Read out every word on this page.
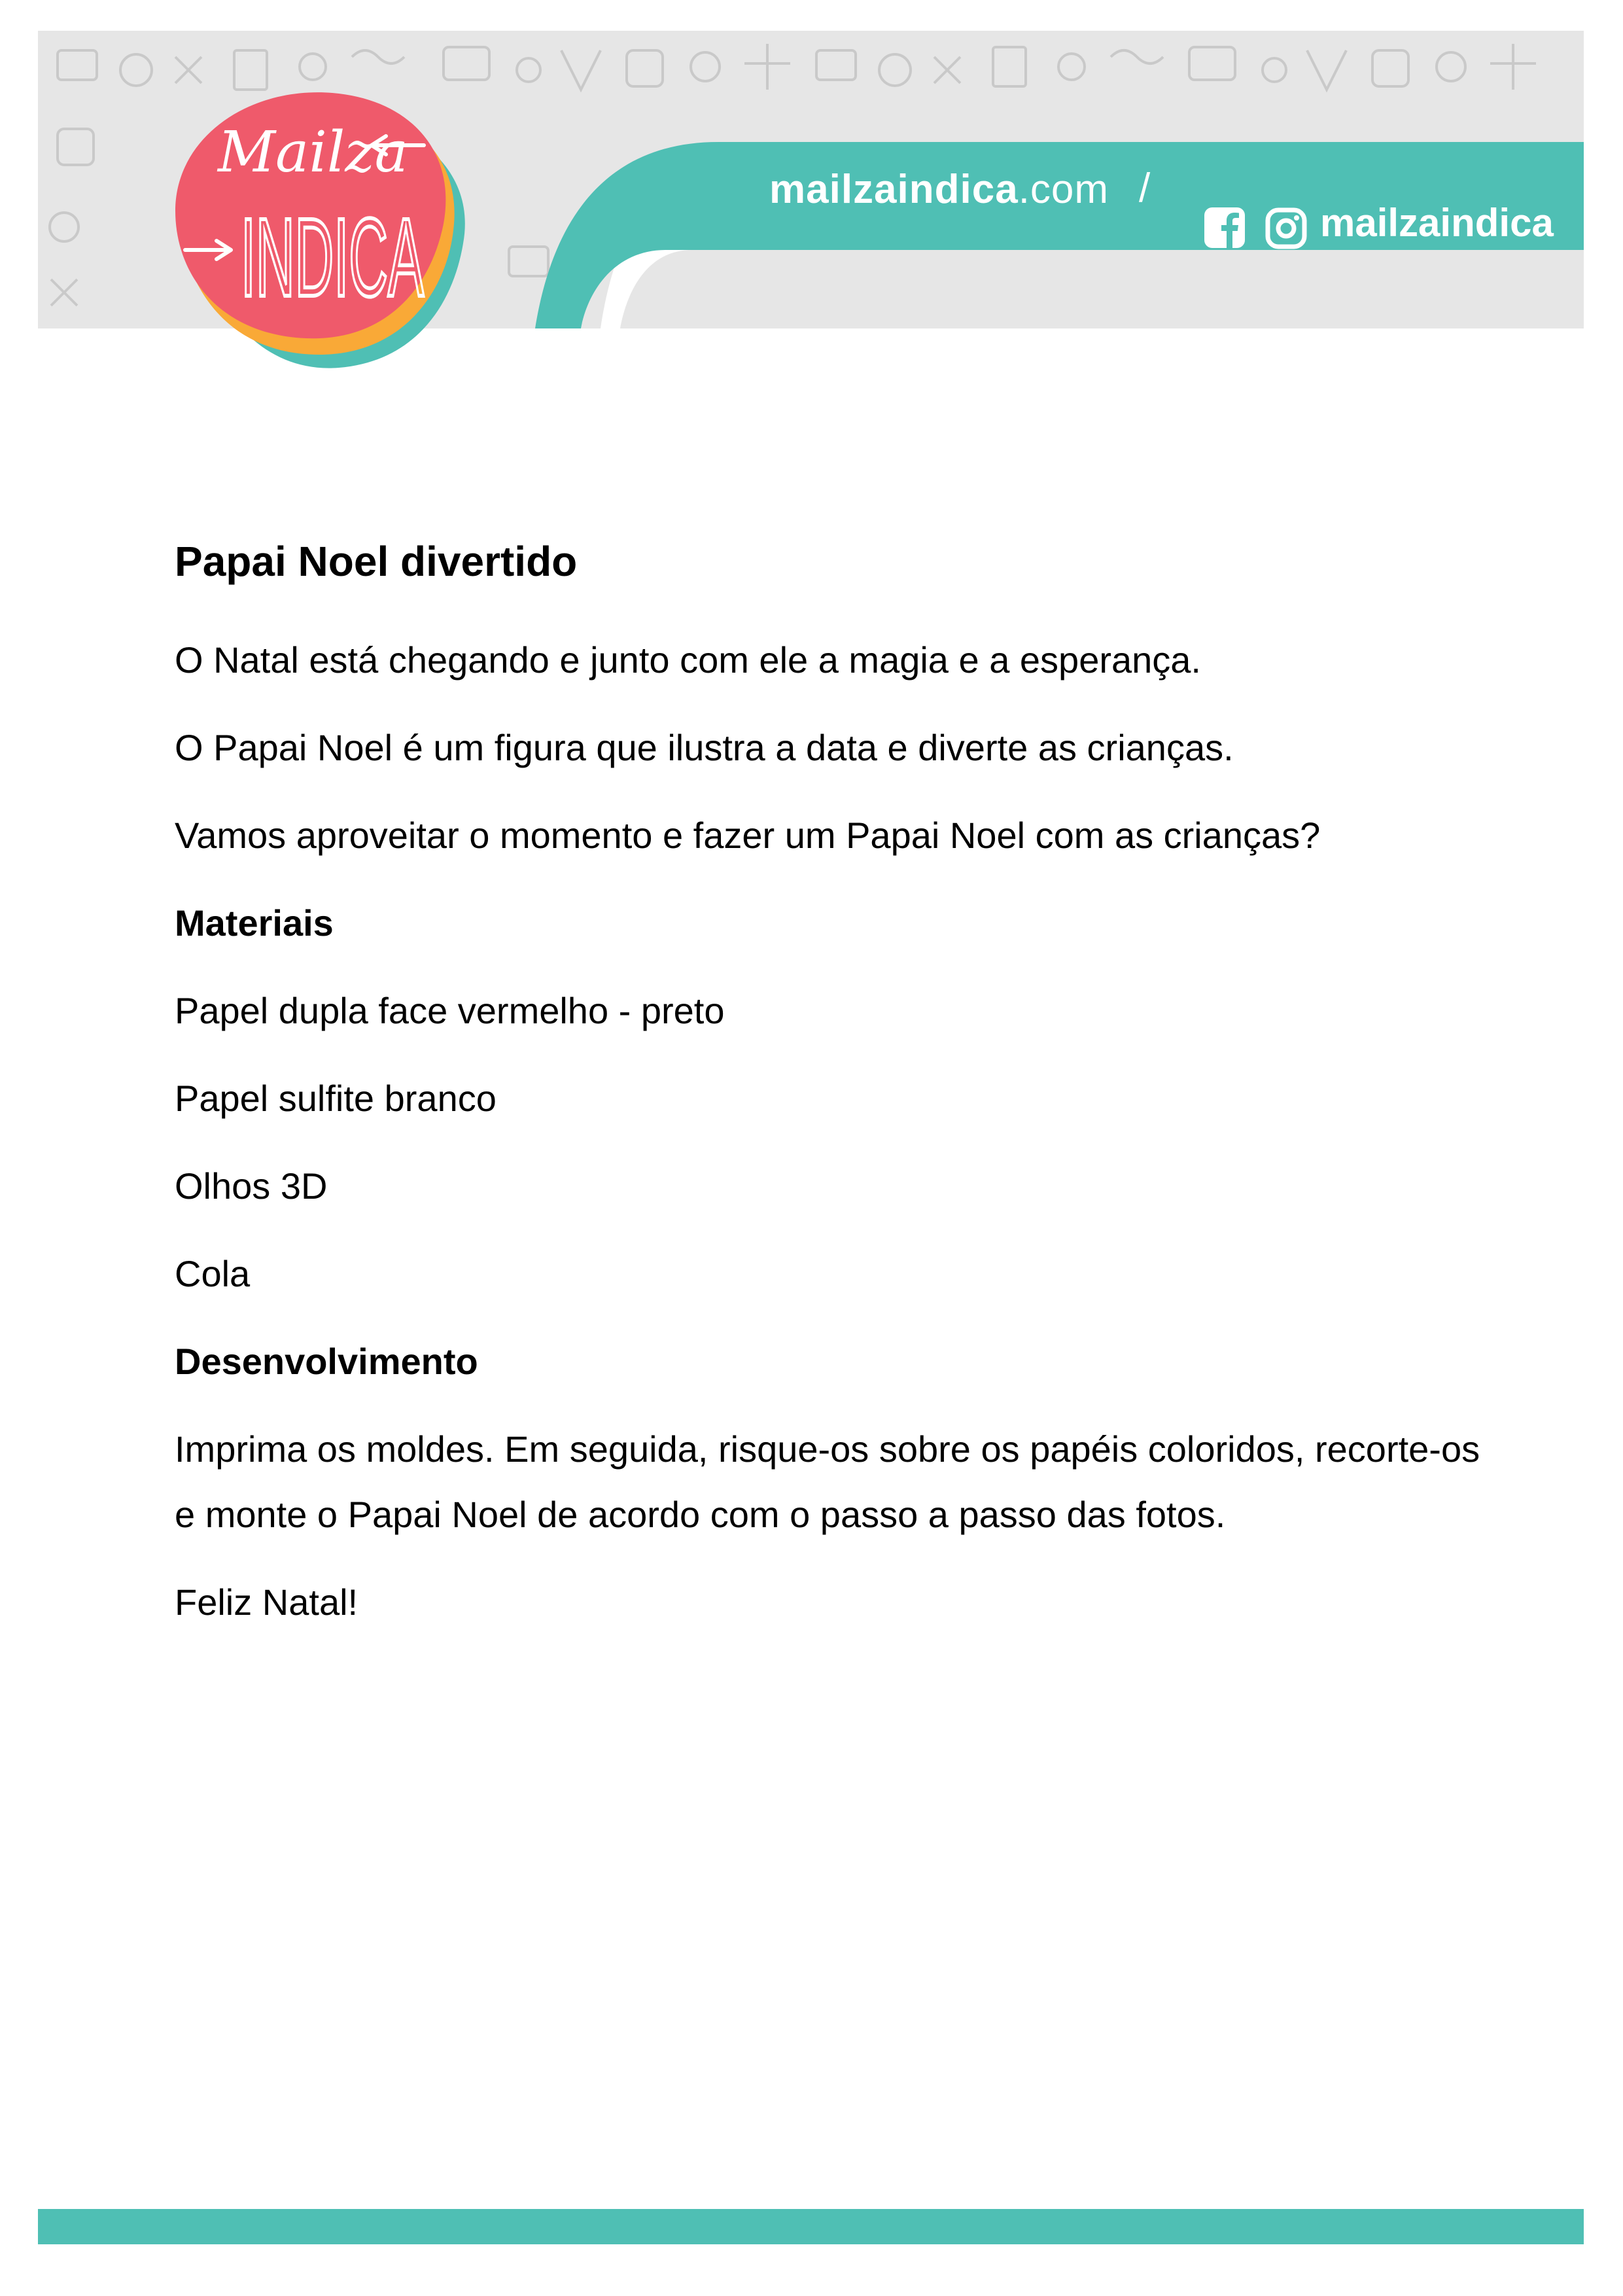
mailzaindica.com /
mailzaindica
Mailza
INDICA
Papai Noel divertido

O Natal está chegando e junto com ele a magia e a esperança.

O Papai Noel é um figura que ilustra a data e diverte as crianças.

Vamos aproveitar o momento e fazer um Papai Noel com as crianças?

Materiais

Papel dupla face vermelho - preto

Papel sulfite branco

Olhos 3D

Cola

Desenvolvimento

Imprima os moldes. Em seguida, risque-os sobre os papéis coloridos, recorte-os e monte o Papai Noel de acordo com o passo a passo das fotos.

Feliz Natal!
